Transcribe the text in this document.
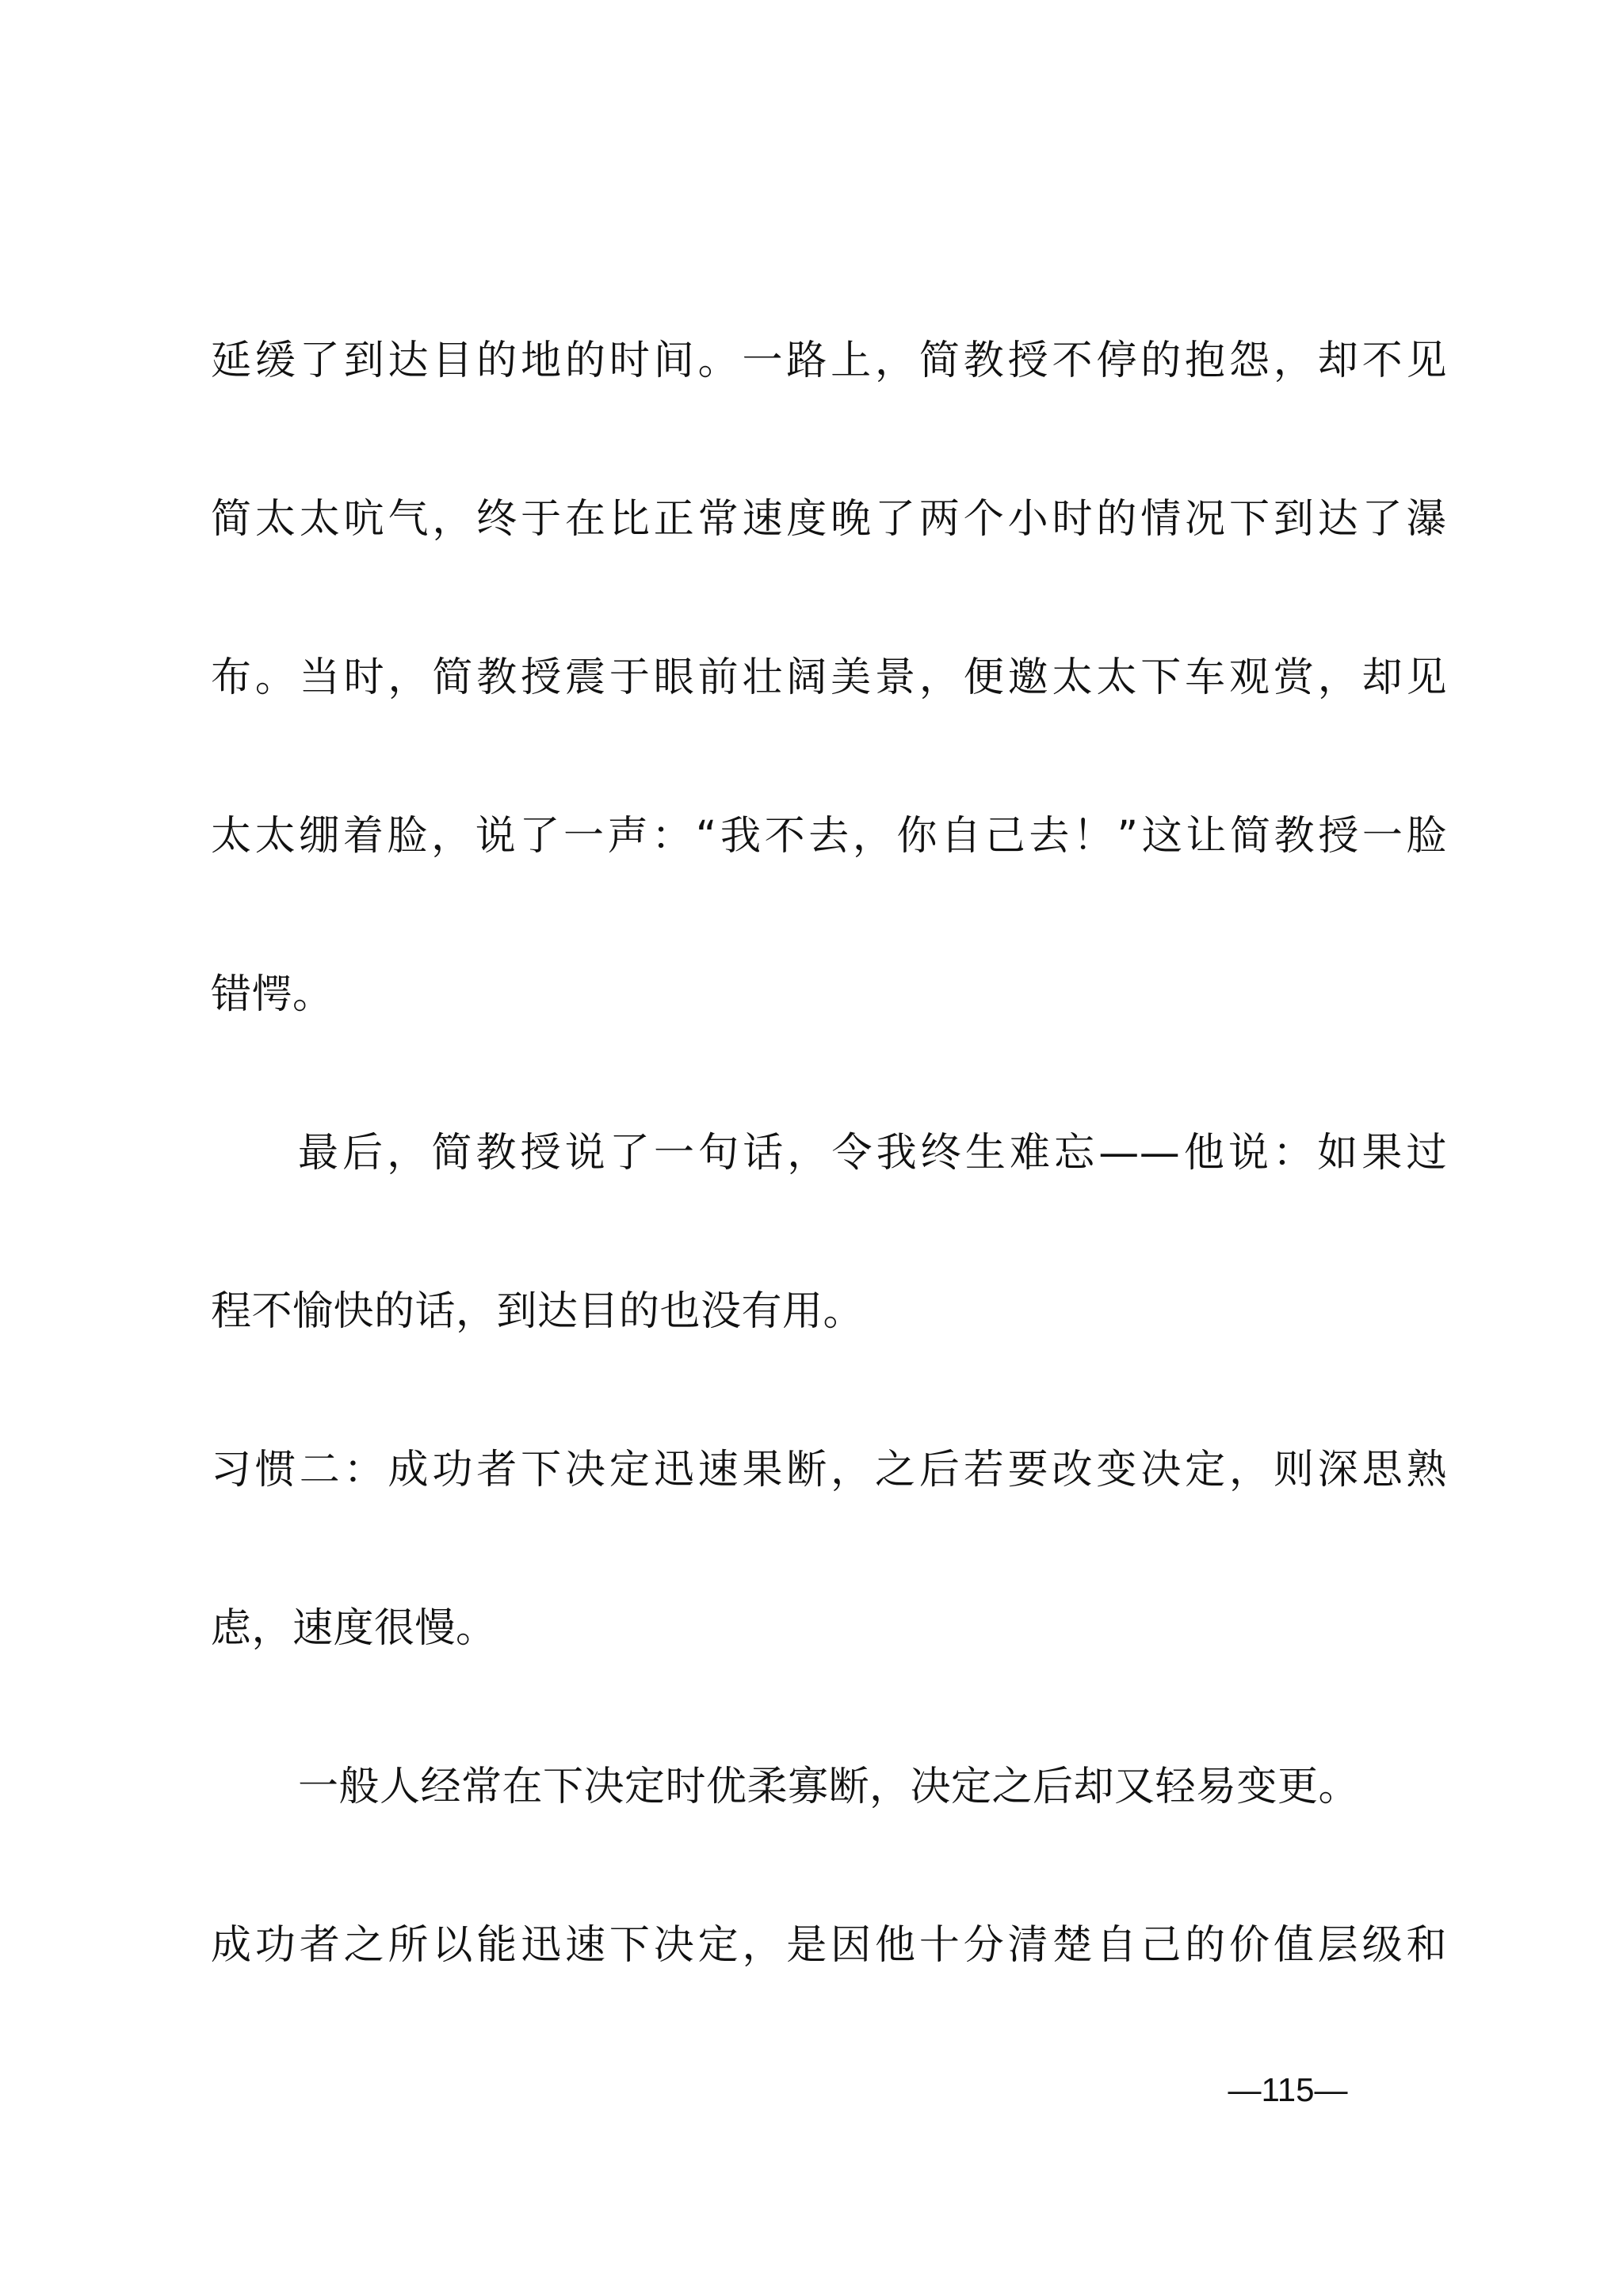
延缓了到达目的地的时间。一路上，简教授不停的抱怨，却不见
简太太吭气，终于在比正常速度晚了两个小时的情况下到达了瀑
布。当时，简教授震于眼前壮阔美景，便邀太太下车观赏，却见
太太绷着脸，说了一声：“我不去，你自己去！”这让简教授一脸
错愕。
最后，简教授说了一句话，令我终生难忘——他说：如果过
程不愉快的话，到达目的也没有用。
习惯二：成功者下决定迅速果断，之后若要改变决定，则深思熟
虑，速度很慢。
一般人经常在下决定时优柔寡断，决定之后却又轻易变更。
成功者之所以能迅速下决定，是因他十分清楚自己的价值层级和
—115—
